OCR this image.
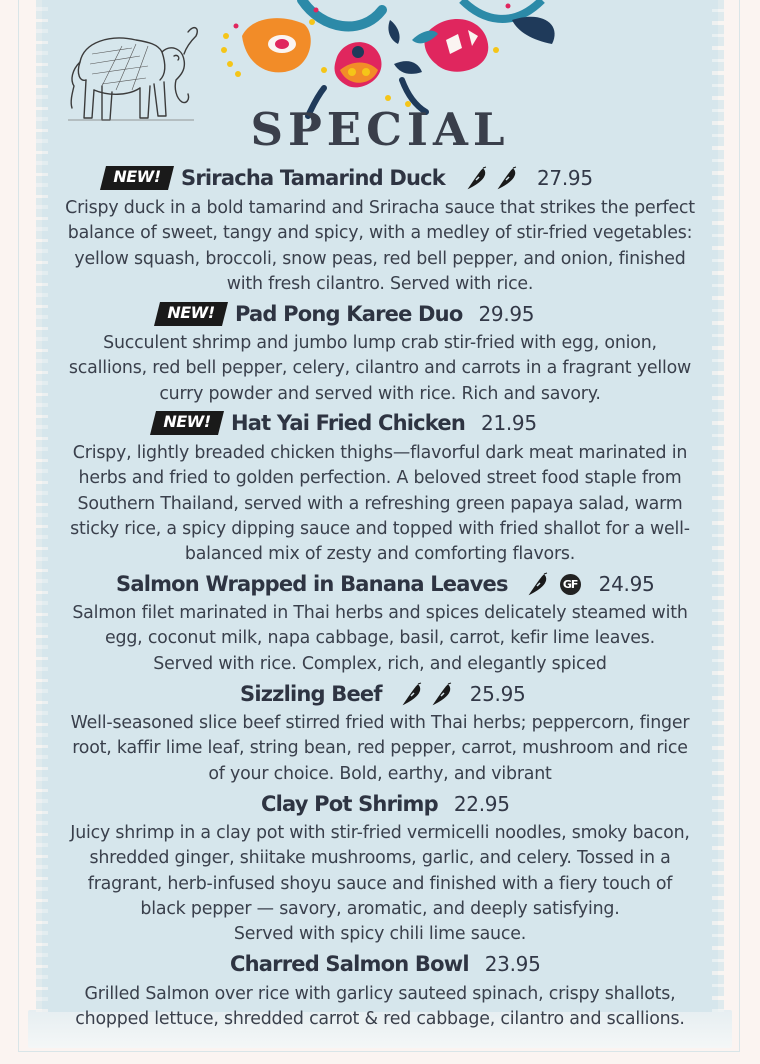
SPECIAL
NEW! Sriracha Tamarind Duck	27.95
Crispy duck in a bold tamarind and Sriracha sauce that strikes the perfect
balance of sweet, tangy and spicy, with a medley of stir-fried vegetables:
yellow squash, broccoli, snow peas, red bell pepper, and onion, finished
with fresh cilantro. Served with rice.
NEW! Pad Pong Karee Duo 29.95
Succulent shrimp and jumbo lump crab stir-fried with egg, onion,
scallions, red bell pepper, celery, cilantro and carrots in a fragrant yellow
curry powder and served with rice. Rich and savory.
NEW! Hat Yai Fried Chicken 21.95
Crispy, lightly breaded chicken thighs—flavorful dark meat marinated in
herbs and fried to golden perfection. A beloved street food staple from
Southern Thailand, served with a refreshing green papaya salad, warm
sticky rice, a spicy dipping sauce and topped with fried shallot for a well-
balanced mix of zesty and comforting flavors.
Salmon Wrapped in Banana Leaves	GF 24.95
Salmon filet marinated in Thai herbs and spices delicately steamed with
egg, coconut milk, napa cabbage, basil, carrot, kefir lime leaves.
Served with rice. Complex, rich, and elegantly spiced
Sizzling Beef	25.95
Well-seasoned slice beef stirred fried with Thai herbs; peppercorn, finger
root, kaffir lime leaf, string bean, red pepper, carrot, mushroom and rice
of your choice. Bold, earthy, and vibrant
Clay Pot Shrimp 22.95
Juicy shrimp in a clay pot with stir-fried vermicelli noodles, smoky bacon,
shredded ginger, shiitake mushrooms, garlic, and celery. Tossed in a
fragrant, herb-infused shoyu sauce and finished with a fiery touch of
black pepper — savory, aromatic, and deeply satisfying.
Served with spicy chili lime sauce.
Charred Salmon Bowl 23.95
Grilled Salmon over rice with garlicy sauteed spinach, crispy shallots,
chopped lettuce, shredded carrot & red cabbage, cilantro and scallions.
